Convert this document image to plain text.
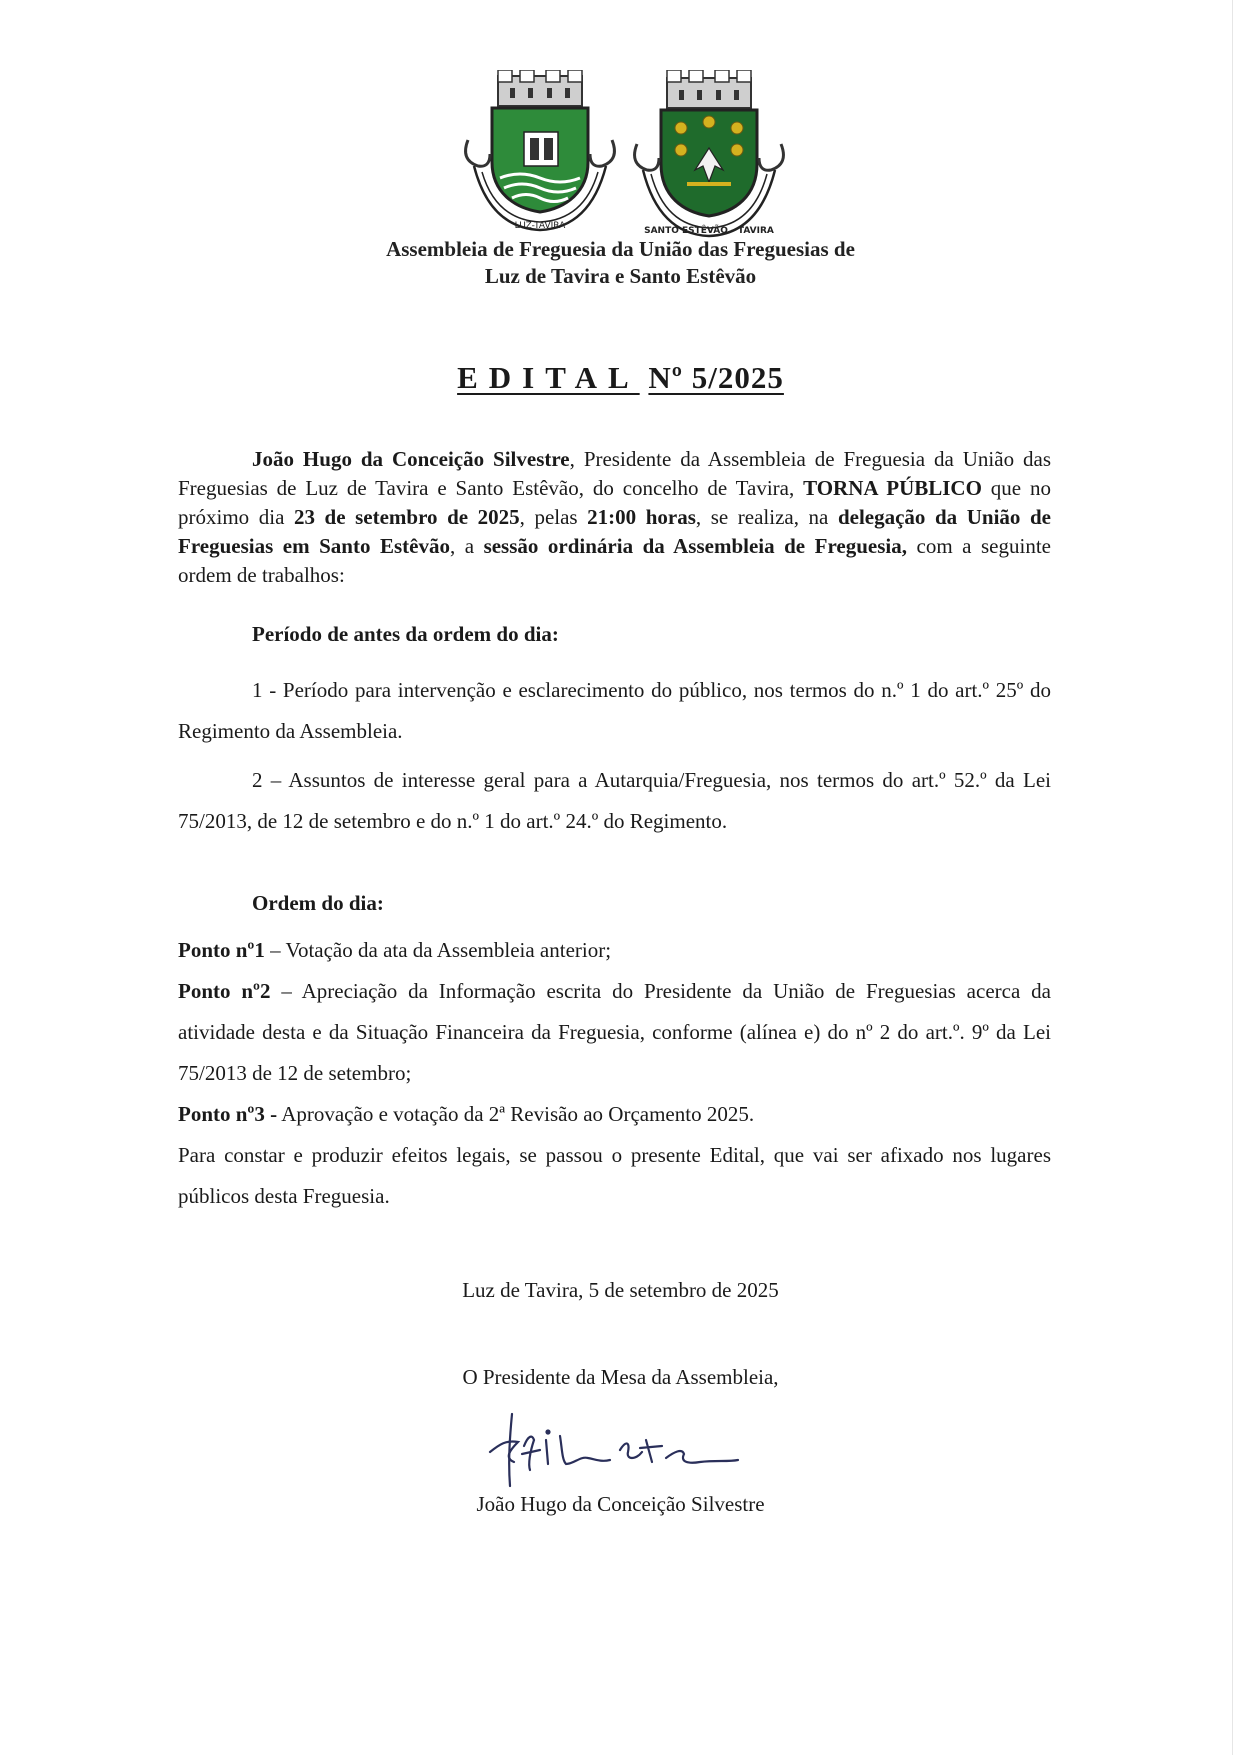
LUZ-TAVIRA	SANTO ESTÊVÃO - TAVIRA
Assembleia de Freguesia da União das Freguesias de
Luz de Tavira e Santo Estêvão
EDITAL Nº 5/2025
João Hugo da Conceição Silvestre, Presidente da Assembleia de Freguesia da União das Freguesias de Luz de Tavira e Santo Estêvão, do concelho de Tavira, TORNA PÚBLICO que no próximo dia 23 de setembro de 2025, pelas 21:00 horas, se realiza, na delegação da União de Freguesias em Santo Estêvão, a sessão ordinária da Assembleia de Freguesia, com a seguinte ordem de trabalhos:
Período de antes da ordem do dia:
1 - Período para intervenção e esclarecimento do público, nos termos do n.º 1 do art.º 25º do Regimento da Assembleia.
2 – Assuntos de interesse geral para a Autarquia/Freguesia, nos termos do art.º 52.º da Lei 75/2013, de 12 de setembro e do n.º 1 do art.º 24.º do Regimento.
Ordem do dia:

Ponto nº1 – Votação da ata da Assembleia anterior;

Ponto nº2 – Apreciação da Informação escrita do Presidente da União de Freguesias acerca da atividade desta e da Situação Financeira da Freguesia, conforme (alínea e) do nº 2 do art.º. 9º da Lei 75/2013 de 12 de setembro;

Ponto nº3 - Aprovação e votação da 2ª Revisão ao Orçamento 2025.

Para constar e produzir efeitos legais, se passou o presente Edital, que vai ser afixado nos lugares públicos desta Freguesia.

Luz de Tavira, 5 de setembro de 2025
O Presidente da Mesa da Assembleia,
João Hugo da Conceição Silvestre
